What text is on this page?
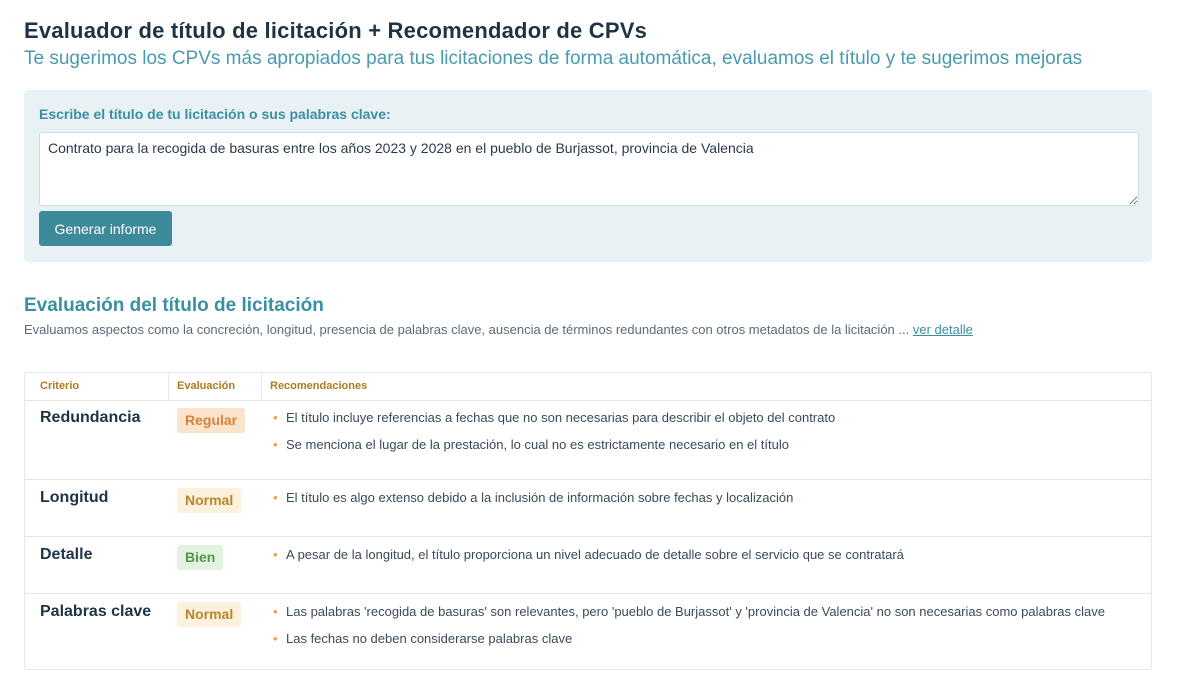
Evaluador de título de licitación + Recomendador de CPVs
Te sugerimos los CPVs más apropiados para tus licitaciones de forma automática, evaluamos el título y te sugerimos mejoras
Escribe el título de tu licitación o sus palabras clave:
Contrato para la recogida de basuras entre los años 2023 y 2028 en el pueblo de Burjassot, provincia de Valencia
Generar informe
Evaluación del título de licitación
Evaluamos aspectos como la concreción, longitud, presencia de palabras clave, ausencia de términos redundantes con otros metadatos de la licitación ... ver detalle
Criterio	Evaluación	Recomendaciones
Redundancia	Regular	• El título incluye referencias a fechas que no son necesarias para describir el objeto del contrato
• Se menciona el lugar de la prestación, lo cual no es estrictamente necesario en el título
Longitud	Normal	• El título es algo extenso debido a la inclusión de información sobre fechas y localización
Detalle	Bien	• A pesar de la longitud, el título proporciona un nivel adecuado de detalle sobre el servicio que se contratará
Palabras clave	Normal	• Las palabras 'recogida de basuras' son relevantes, pero 'pueblo de Burjassot' y 'provincia de Valencia' no son necesarias como palabras clave
• Las fechas no deben considerarse palabras clave
